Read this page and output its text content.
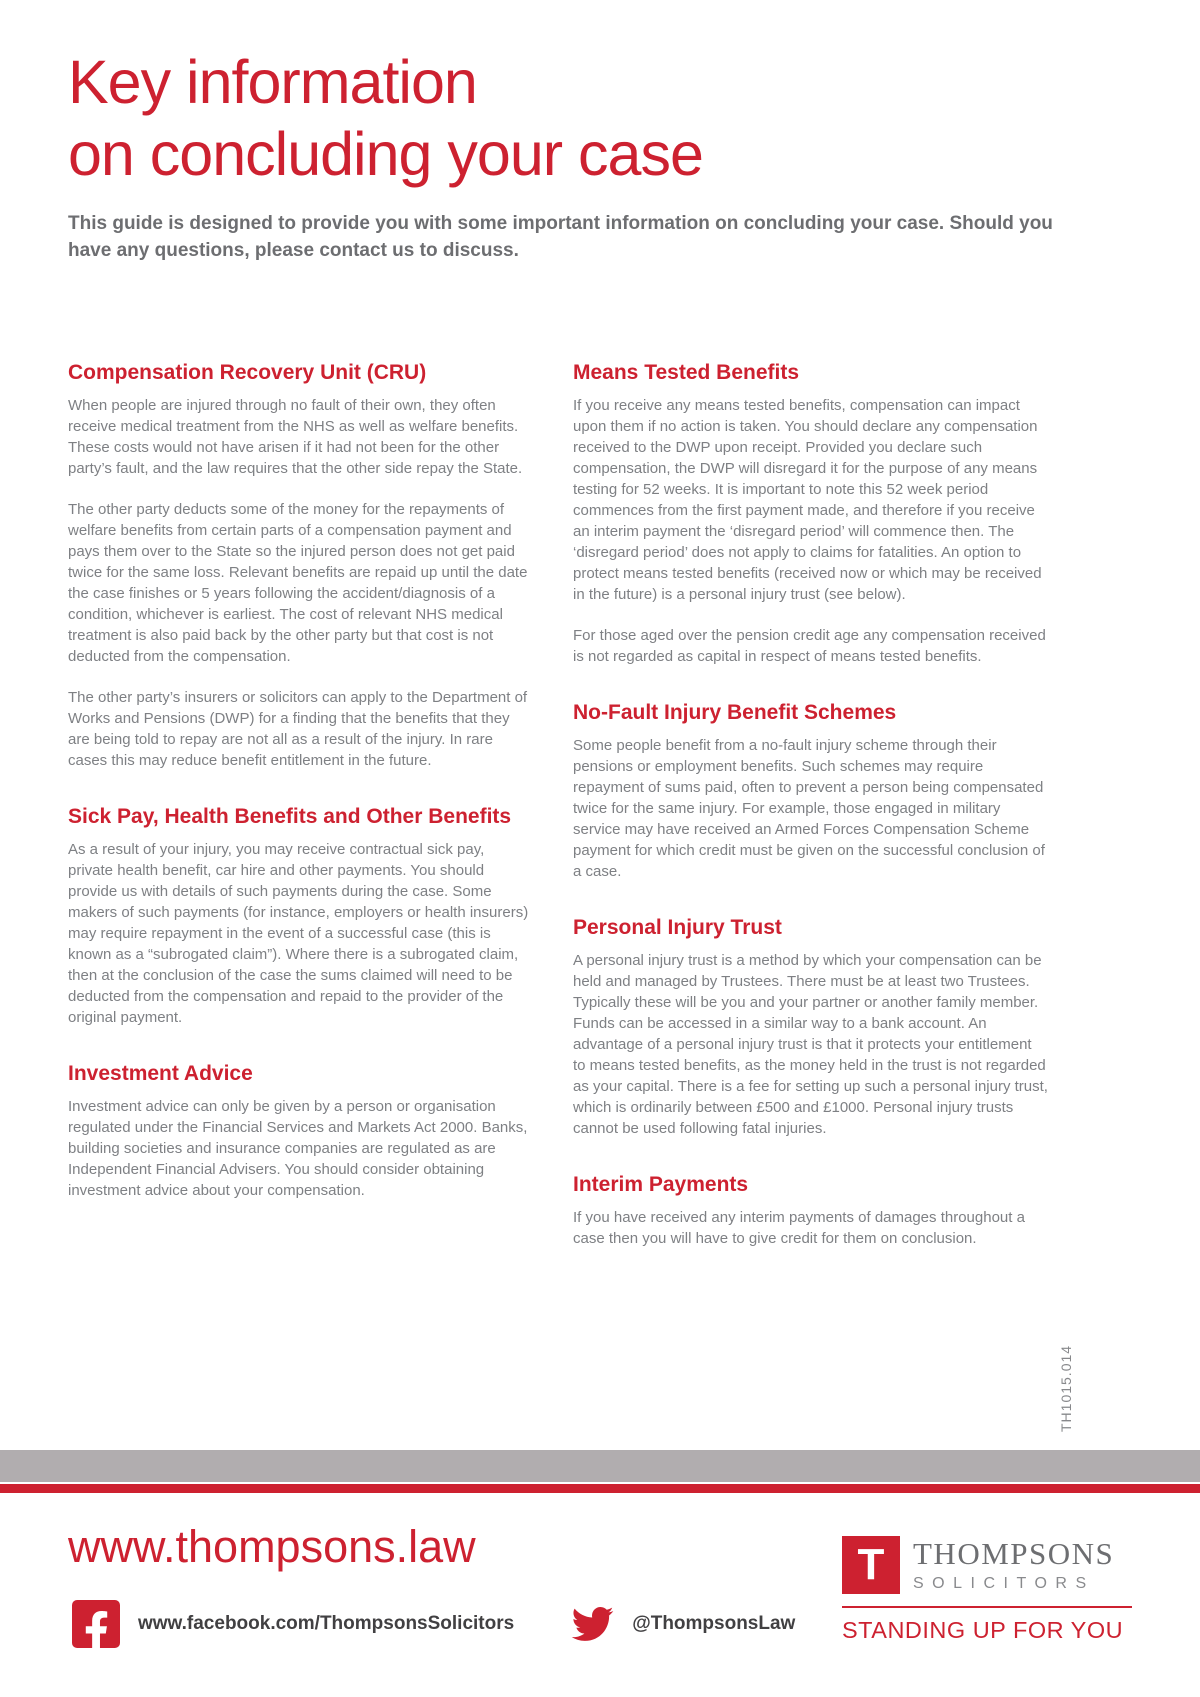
Key information
on concluding your case

This guide is designed to provide you with some important information on concluding your case. Should you have any questions, please contact us to discuss.

Compensation Recovery Unit (CRU)

When people are injured through no fault of their own, they often receive medical treatment from the NHS as well as welfare benefits. These costs would not have arisen if it had not been for the other party’s fault, and the law requires that the other side repay the State.

The other party deducts some of the money for the repayments of welfare benefits from certain parts of a compensation payment and pays them over to the State so the injured person does not get paid twice for the same loss. Relevant benefits are repaid up until the date the case finishes or 5 years following the accident/diagnosis of a condition, whichever is earliest. The cost of relevant NHS medical treatment is also paid back by the other party but that cost is not deducted from the compensation.

The other party’s insurers or solicitors can apply to the Department of Works and Pensions (DWP) for a finding that the benefits that they are being told to repay are not all as a result of the injury. In rare cases this may reduce benefit entitlement in the future.

Sick Pay, Health Benefits and Other Benefits

As a result of your injury, you may receive contractual sick pay, private health benefit, car hire and other payments. You should provide us with details of such payments during the case. Some makers of such payments (for instance, employers or health insurers) may require repayment in the event of a successful case (this is known as a “subrogated claim”). Where there is a subrogated claim, then at the conclusion of the case the sums claimed will need to be deducted from the compensation and repaid to the provider of the original payment.

Investment Advice

Investment advice can only be given by a person or organisation regulated under the Financial Services and Markets Act 2000. Banks, building societies and insurance companies are regulated as are Independent Financial Advisers. You should consider obtaining investment advice about your compensation.

Means Tested Benefits

If you receive any means tested benefits, compensation can impact upon them if no action is taken. You should declare any compensation received to the DWP upon receipt. Provided you declare such compensation, the DWP will disregard it for the purpose of any means testing for 52 weeks. It is important to note this 52 week period commences from the first payment made, and therefore if you receive an interim payment the ‘disregard period’ will commence then. The ‘disregard period’ does not apply to claims for fatalities. An option to protect means tested benefits (received now or which may be received in the future) is a personal injury trust (see below).

For those aged over the pension credit age any compensation received is not regarded as capital in respect of means tested benefits.

No-Fault Injury Benefit Schemes

Some people benefit from a no-fault injury scheme through their pensions or employment benefits. Such schemes may require repayment of sums paid, often to prevent a person being compensated twice for the same injury. For example, those engaged in military service may have received an Armed Forces Compensation Scheme payment for which credit must be given on the successful conclusion of a case.

Personal Injury Trust

A personal injury trust is a method by which your compensation can be held and managed by Trustees. There must be at least two Trustees. Typically these will be you and your partner or another family member. Funds can be accessed in a similar way to a bank account. An advantage of a personal injury trust is that it protects your entitlement to means tested benefits, as the money held in the trust is not regarded as your capital. There is a fee for setting up such a personal injury trust, which is ordinarily between £500 and £1000. Personal injury trusts cannot be used following fatal injuries.

Interim Payments

If you have received any interim payments of damages throughout a case then you will have to give credit for them on conclusion.

TH1015.014
www.thompsons.law
www.facebook.com/ThompsonsSolicitors	@ThompsonsLaw
T THOMPSONS
SOLICITORS
STANDING UP FOR YOU
